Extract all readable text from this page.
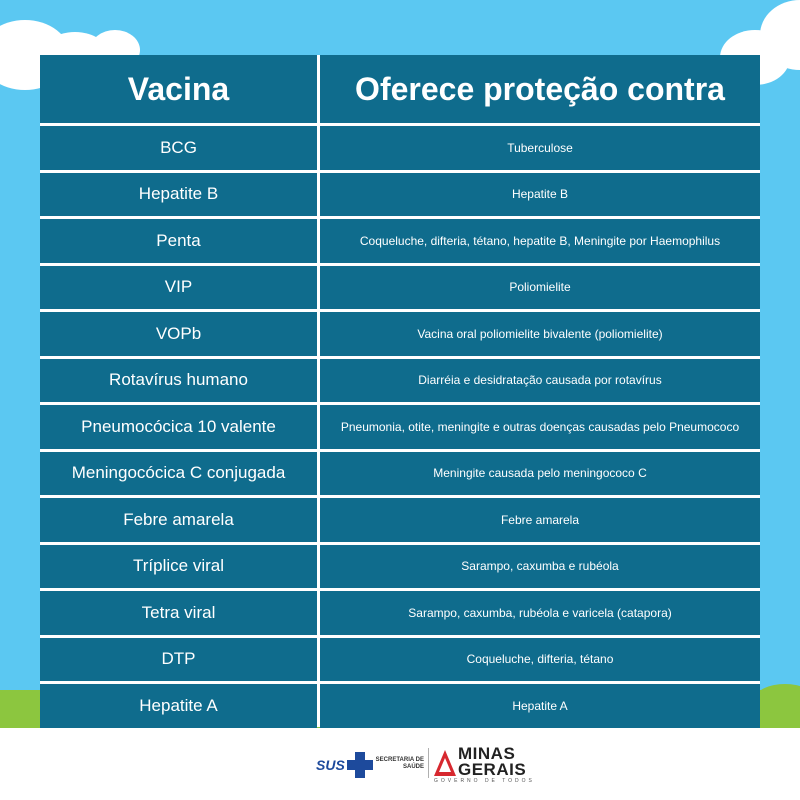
Vacina	Oferece proteção contra
BCG	Tuberculose
Hepatite B	Hepatite B
Penta	Coqueluche, difteria, tétano, hepatite B, Meningite por Haemophilus
VIP	Poliomielite
VOPb	Vacina oral poliomielite bivalente (poliomielite)
Rotavírus humano	Diarréia e desidratação causada por rotavírus
Pneumocócica 10 valente	Pneumonia, otite, meningite e outras doenças causadas pelo Pneumococo
Meningocócica C conjugada	Meningite causada pelo meningococo C
Febre amarela	Febre amarela
Tríplice viral	Sarampo, caxumba e rubéola
Tetra viral	Sarampo, caxumba, rubéola e varicela (catapora)
DTP	Coqueluche, difteria, tétano
Hepatite A	Hepatite A
SUS	SECRETARIA DE
SAÚDE
MINAS
GERAIS
GOVERNO DE TODOS
